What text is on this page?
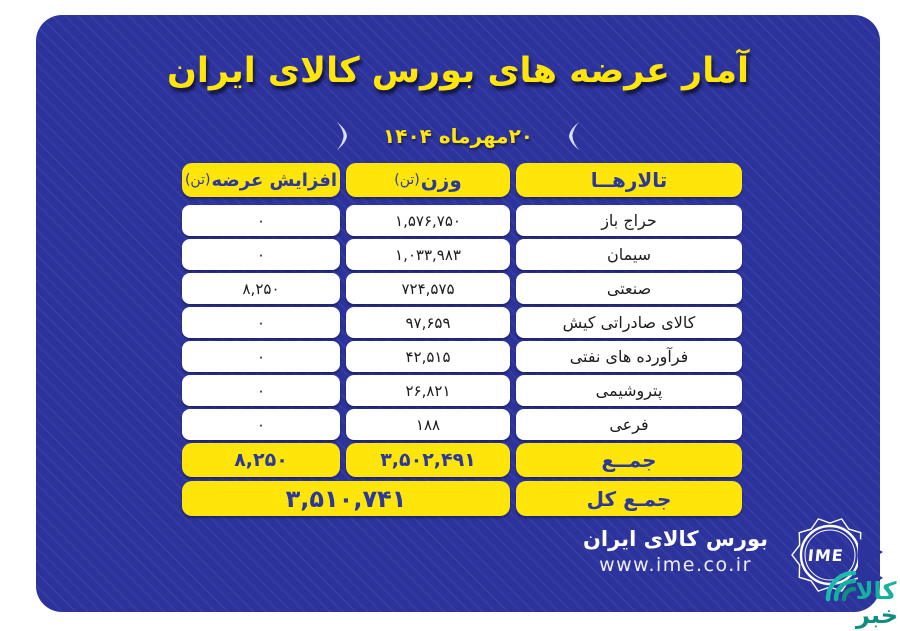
آمار عرضه های بورس کالای ایران
۲۰مهرماه ۱۴۰۴
تالارهــا
وزن
(تن)
افزایش عرضه
(تن)
حراج باز
۱,۵۷۶,۷۵۰
۰
سیمان
۱,۰۳۳,۹۸۳
۰
صنعتی
۷۲۴,۵۷۵
۸,۲۵۰
کالای صادراتی کیش
۹۷,۶۵۹
۰
فرآورده های نفتی
۴۲,۵۱۵
۰
پتروشیمی
۲۶,۸۲۱
۰
فرعی
۱۸۸
۰
جمــع
۳,۵۰۲,۴۹۱
۸,۲۵۰
جمـع کل
۳,۵۱۰,۷۴۱
بورس کالای ایران
www.ime.co.ir	IME
کالا
خبر
